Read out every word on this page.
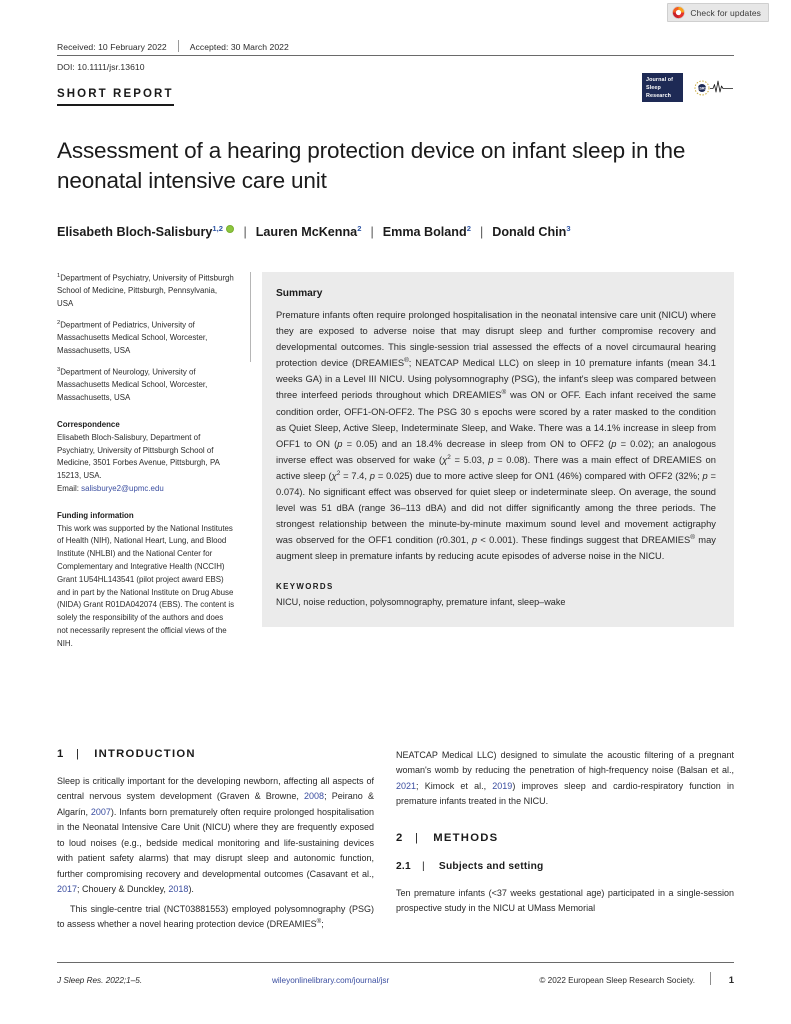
Check for updates
Received: 10 February 2022	Accepted: 30 March 2022
DOI: 10.1111/jsr.13610
SHORT REPORT
Journal of
Sleep
Research
ESRS
Assessment of a hearing protection device on infant sleep in the neonatal intensive care unit
Elisabeth Bloch-Salisbury$^{1,2}$	| Lauren McKenna$^2$ | Emma Boland$^2$ | Donald Chin$^3$

$^1$Department of Psychiatry, University of Pittsburgh School of Medicine, Pittsburgh, Pennsylvania, USA

$^2$Department of Pediatrics, University of Massachusetts Medical School, Worcester, Massachusetts, USA

$^3$Department of Neurology, University of Massachusetts Medical School, Worcester, Massachusetts, USA

Correspondence

Elisabeth Bloch-Salisbury, Department of Psychiatry, University of Pittsburgh School of Medicine, 3501 Forbes Avenue, Pittsburgh, PA 15213, USA.
Email: salisburye2@upmc.edu

Funding information

This work was supported by the National Institutes of Health (NIH), National Heart, Lung, and Blood Institute (NHLBI) and the National Center for Complementary and Integrative Health (NCCIH) Grant 1U54HL143541 (pilot project award EBS) and in part by the National Institute on Drug Abuse (NIDA) Grant R01DA042074 (EBS). The content is solely the responsibility of the authors and does not necessarily represent the official views of the NIH.

Summary
Premature infants often require prolonged hospitalisation in the neonatal intensive care unit (NICU) where they are exposed to adverse noise that may disrupt sleep and further compromise recovery and developmental outcomes. This single-session trial assessed the effects of a novel circumaural hearing protection device (DREAMIES®; NEATCAP Medical LLC) on sleep in 10 premature infants (mean 34.1 weeks GA) in a Level III NICU. Using polysomnography (PSG), the infant's sleep was compared between three interfeed periods throughout which DREAMIES® was ON or OFF. Each infant received the same condition order, OFF1-ON-OFF2. The PSG 30 s epochs were scored by a rater masked to the condition as Quiet Sleep, Active Sleep, Indeterminate Sleep, and Wake. There was a 14.1% increase in sleep from OFF1 to ON (p = 0.05) and an 18.4% decrease in sleep from ON to OFF2 (p = 0.02); an analogous inverse effect was observed for wake ($\chi^2 = 5.03$, p = 0.08). There was a main effect of DREAMIES on active sleep ($\chi^2 = 7.4$, p = 0.025) due to more active sleep for ON1 (46%) compared with OFF2 (32%; p = 0.074). No significant effect was observed for quiet sleep or indeterminate sleep. On average, the sound level was 51 dBA (range 36–113 dBA) and did not differ significantly among the three periods. The strongest relationship between the minute-by-minute maximum sound level and movement actigraphy was observed for the OFF1 condition (r0.301, p < 0.001). These findings suggest that DREAMIES® may augment sleep in premature infants by reducing acute episodes of adverse noise in the NICU.
KEYWORDS
NICU, noise reduction, polysomnography, premature infant, sleep–wake
1	| INTRODUCTION

Sleep is critically important for the developing newborn, affecting all aspects of central nervous system development (Graven & Browne, 2008; Peirano & Algarín, 2007). Infants born prematurely often require prolonged hospitalisation in the Neonatal Intensive Care Unit (NICU) where they are frequently exposed to loud noises (e.g., bedside medical monitoring and life-sustaining devices with patient safety alarms) that may disrupt sleep and autonomic function, further compromising recovery and developmental outcomes (Casavant et al., 2017; Chouery & Dunckley, 2018).

This single-centre trial (NCT03881553) employed polysomnography (PSG) to assess whether a novel hearing protection device (DREAMIES®;

NEATCAP Medical LLC) designed to simulate the acoustic filtering of a pregnant woman's womb by reducing the penetration of high-frequency noise (Balsan et al., 2021; Kimock et al., 2019) improves sleep and cardio-respiratory function in premature infants treated in the NICU.

2	| METHODS
2.1	| Subjects and setting

Ten premature infants (<37 weeks gestational age) participated in a single-session prospective study in the NICU at UMass Memorial

J Sleep Res. 2022;1–5.	wileyonlinelibrary.com/journal/jsr	© 2022 European Sleep Research Society.	1
